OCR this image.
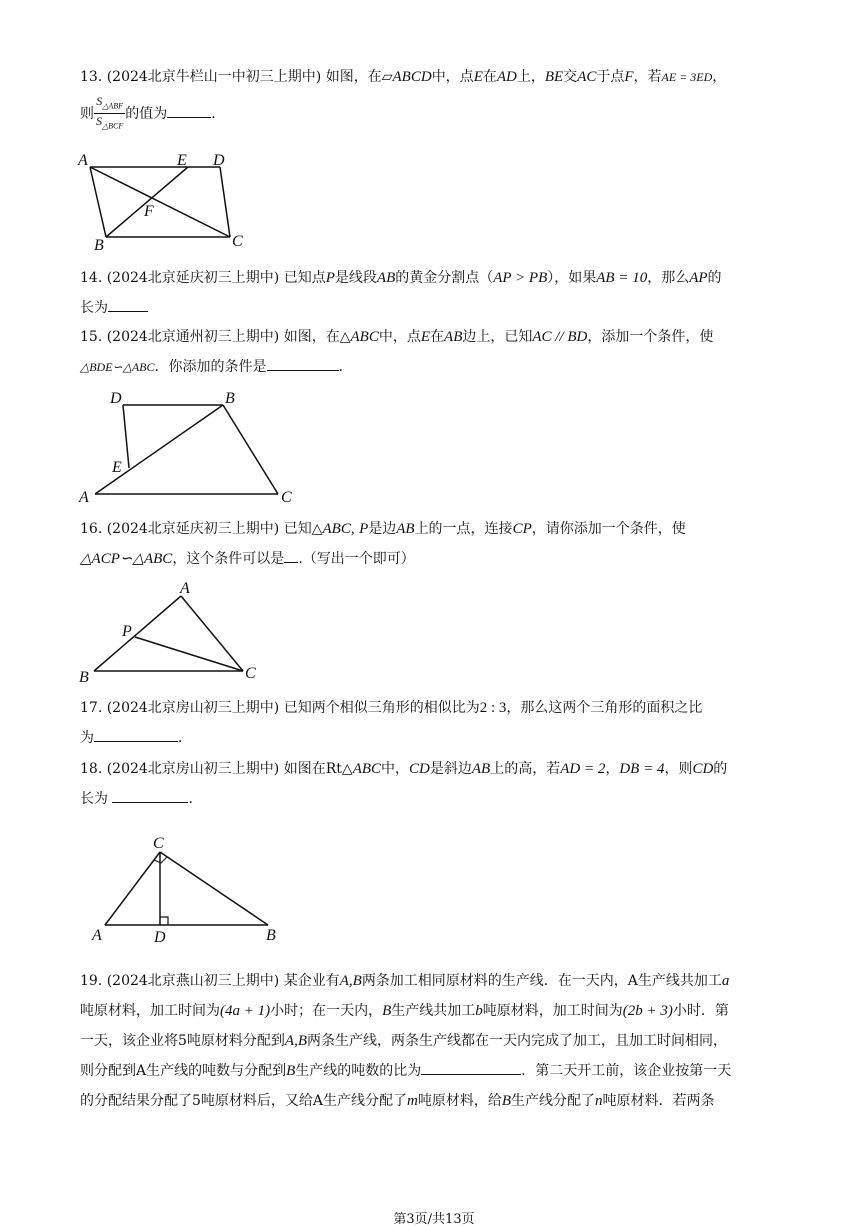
13. (2024北京牛栏山一中初三上期中) 如图，在▱ABCD中，点E在AD上，BE交AC于点F，若AE = 3ED，

则 $\frac{S_{\triangle ABF}}{S_{\triangle BCF}}$ 的值为	.

A	E D
F
B	C

14. (2024北京延庆初三上期中) 已知点P是线段AB的黄金分割点（AP > PB），如果AB = 10，那么AP的

长为

15. (2024北京通州初三上期中) 如图，在△ABC中，点E在AB边上，已知AC // BD，添加一个条件，使

△BDE∽△ABC．你添加的条件是	.

D	B
E
A	C

16. (2024北京延庆初三上期中) 已知△ABC, P是边AB上的一点，连接CP，请你添加一个条件，使

△ACP∽△ABC，这个条件可以是 .（写出一个即可）

A
P
B	C

17. (2024北京房山初三上期中) 已知两个相似三角形的相似比为2 : 3，那么这两个三角形的面积之比

为	.

18. (2024北京房山初三上期中) 如图在Rt△ABC中，CD是斜边AB上的高，若AD = 2，DB = 4，则CD的

长为	.

C
A	D	B

19. (2024北京燕山初三上期中) 某企业有A,B两条加工相同原材料的生产线．在一天内，A生产线共加工a

吨原材料，加工时间为(4a + 1)小时；在一天内，B生产线共加工b吨原材料，加工时间为(2b + 3)小时．第

一天，该企业将5吨原材料分配到A,B两条生产线，两条生产线都在一天内完成了加工，且加工时间相同，

则分配到A生产线的吨数与分配到B生产线的吨数的比为	．第二天开工前，该企业按第一天

的分配结果分配了5吨原材料后，又给A生产线分配了m吨原材料，给B生产线分配了n吨原材料．若两条

第3页/共13页
